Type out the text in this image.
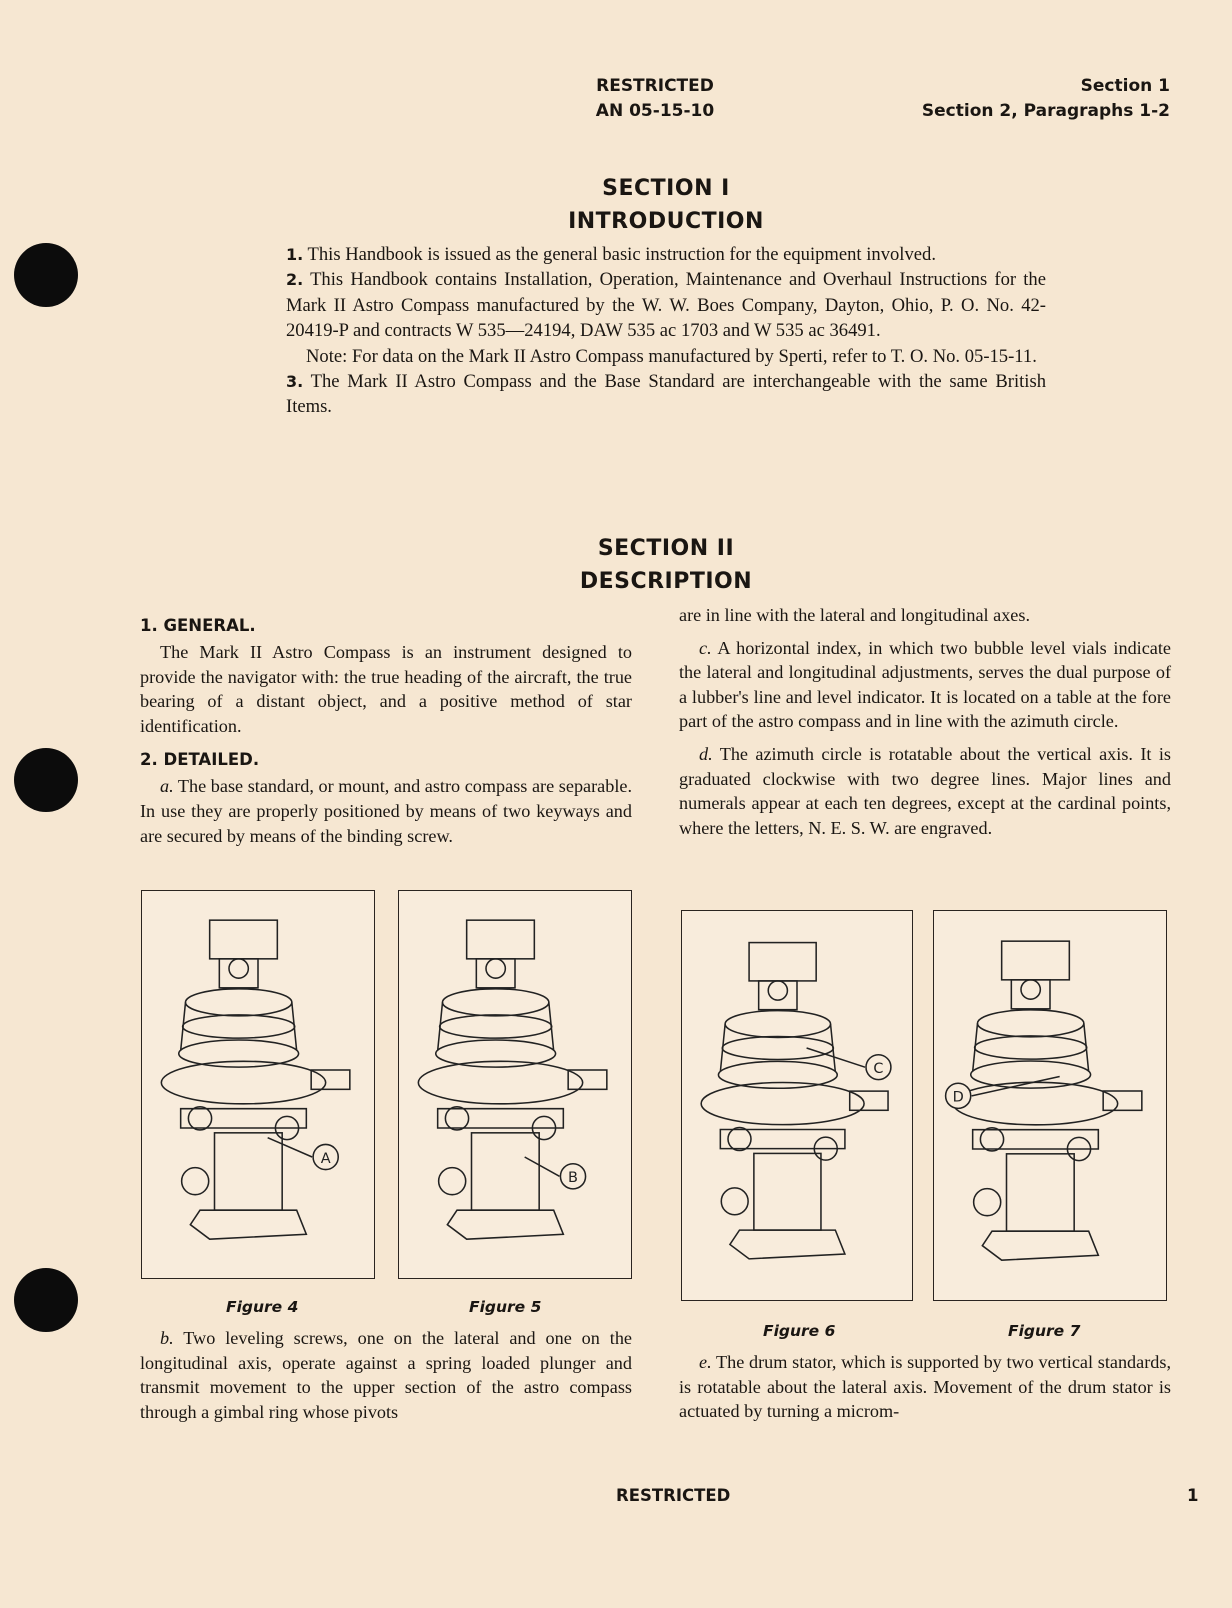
RESTRICTED
AN 05-15-10
Section 1
Section 2, Paragraphs 1-2
SECTION I
INTRODUCTION

1. This Handbook is issued as the general basic instruction for the equipment involved.

2. This Handbook contains Installation, Operation, Maintenance and Overhaul Instructions for the Mark II Astro Compass manufactured by the W. W. Boes Company, Dayton, Ohio, P. O. No. 42-20419-P and contracts W 535—24194, DAW 535 ac 1703 and W 535 ac 36491.

Note: For data on the Mark II Astro Compass manufactured by Sperti, refer to T. O. No. 05-15-11.

3. The Mark II Astro Compass and the Base Standard are interchangeable with the same British Items.

SECTION II
DESCRIPTION
1. GENERAL.

The Mark II Astro Compass is an instrument designed to provide the navigator with: the true heading of the aircraft, the true bearing of a distant object, and a positive method of star identification.

2. DETAILED.

a. The base standard, or mount, and astro compass are separable. In use they are properly positioned by means of two keyways and are secured by means of the binding screw.

b. Two leveling screws, one on the lateral and one on the longitudinal axis, operate against a spring loaded plunger and transmit movement to the upper section of the astro compass through a gimbal ring whose pivots

are in line with the lateral and longitudinal axes.

c. A horizontal index, in which two bubble level vials indicate the lateral and longitudinal adjustments, serves the dual purpose of a lubber's line and level indicator. It is located on a table at the fore part of the astro compass and in line with the azimuth circle.

d. The azimuth circle is rotatable about the vertical axis. It is graduated clockwise with two degree lines. Major lines and numerals appear at each ten degrees, except at the cardinal points, where the letters, N. E. S. W. are engraved.

e. The drum stator, which is supported by two vertical standards, is rotatable about the lateral axis. Movement of the drum stator is actuated by turning a microm-

A
B
C
D
Figure 4	Figure 5
Figure 6	Figure 7
RESTRICTED	1
